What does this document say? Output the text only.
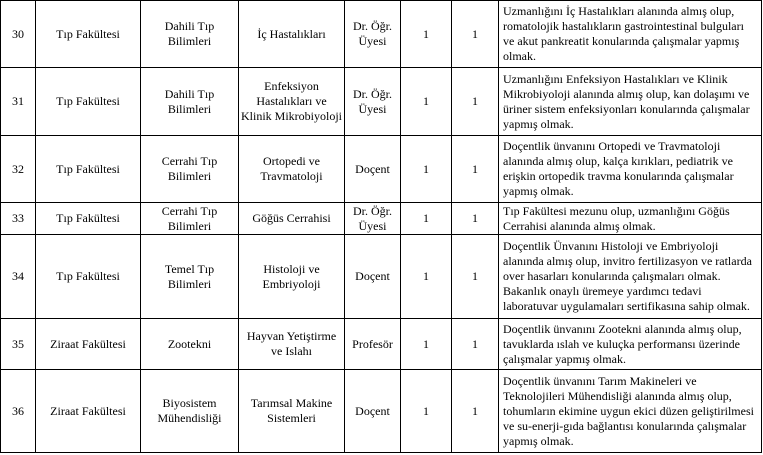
30	Tıp Fakültesi	Dahili Tıp Bilimleri	İç Hastalıkları	Dr. Öğr. Üyesi	1	1	Uzmanlığını İç Hastalıkları alanında almış olup, romatolojik hastalıkların gastrointestinal bulguları ve akut pankreatit konularında çalışmalar yapmış olmak.
31	Tıp Fakültesi	Dahili Tıp Bilimleri	Enfeksiyon Hastalıkları ve Klinik Mikrobiyoloji	Dr. Öğr. Üyesi	1	1	Uzmanlığını Enfeksiyon Hastalıkları ve Klinik Mikrobiyoloji alanında almış olup, kan dolaşımı ve üriner sistem enfeksiyonları konularında çalışmalar yapmış olmak.
32	Tıp Fakültesi	Cerrahi Tıp Bilimleri	Ortopedi ve Travmatoloji	Doçent	1	1	Doçentlik ünvanını Ortopedi ve Travmatoloji alanında almış olup, kalça kırıkları, pediatrik ve erişkin ortopedik travma konularında çalışmalar yapmış olmak.
33	Tıp Fakültesi	Cerrahi Tıp Bilimleri	Göğüs Cerrahisi	Dr. Öğr. Üyesi	1	1	Tıp Fakültesi mezunu olup, uzmanlığını Göğüs Cerrahisi alanında almış olmak.
34	Tıp Fakültesi	Temel Tıp Bilimleri	Histoloji ve Embriyoloji	Doçent	1	1	Doçentlik Ünvanını Histoloji ve Embriyoloji alanında almış olup, invitro fertilizasyon ve ratlarda over hasarları konularında çalışmaları olmak. Bakanlık onaylı üremeye yardımcı tedavi laboratuvar uygulamaları sertifikasına sahip olmak.
35	Ziraat Fakültesi	Zootekni	Hayvan Yetiştirme ve Islahı	Profesör	1	1	Doçentlik ünvanını Zootekni alanında almış olup, tavuklarda ıslah ve kuluçka performansı üzerinde çalışmalar yapmış olmak.
36	Ziraat Fakültesi	Biyosistem Mühendisliği	Tarımsal Makine Sistemleri	Doçent	1	1	Doçentlik ünvanını Tarım Makineleri ve Teknolojileri Mühendisliği alanında almış olup, tohumların ekimine uygun ekici düzen geliştirilmesi ve su-enerji-gıda bağlantısı konularında çalışmalar yapmış olmak.
